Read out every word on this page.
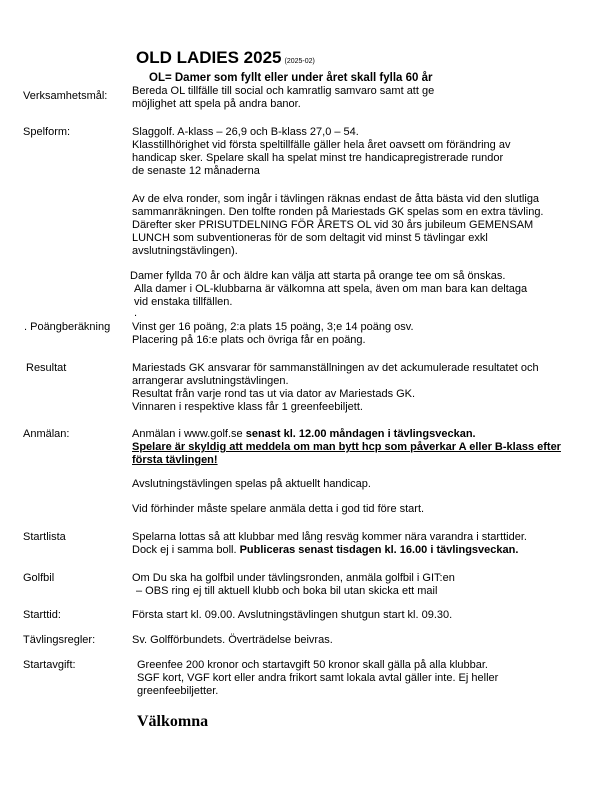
OLD LADIES 2025 (2025-02)
OL= Damer som fyllt eller under året skall fylla 60 år
Verksamhetsmål: Bereda OL tillfälle till social och kamratlig samvaro samt att ge
möjlighet att spela på andra banor.
Spelform:	Slaggolf. A-klass – 26,9 och B-klass 27,0 – 54.
Klasstillhörighet vid första speltillfälle gäller hela året oavsett om förändring av
handicap sker. Spelare skall ha spelat minst tre handicapregistrerade rundor
de senaste 12 månaderna
Av de elva ronder, som ingår i tävlingen räknas endast de åtta bästa vid den slutliga
sammanräkningen. Den tolfte ronden på Mariestads GK spelas som en extra tävling.
Därefter sker PRISUTDELNING FÖR ÅRETS OL vid 30 års jubileum GEMENSAM
LUNCH som subventioneras för de som deltagit vid minst 5 tävlingar exkl
avslutningstävlingen).
Damer fyllda 70 år och äldre kan välja att starta på orange tee om så önskas.
Alla damer i OL-klubbarna är välkomna att spela, även om man bara kan deltaga
vid enstaka tillfällen.
.
. Poängberäkning Vinst ger 16 poäng, 2:a plats 15 poäng, 3;e 14 poäng osv.
Placering på 16:e plats och övriga får en poäng.
Resultat	Mariestads GK ansvarar för sammanställningen av det ackumulerade resultatet och
arrangerar avslutningstävlingen.
Resultat från varje rond tas ut via dator av Mariestads GK.
Vinnaren i respektive klass får 1 greenfeebiljett.
Anmälan:	Anmälan i www.golf.se senast kl. 12.00 måndagen i tävlingsveckan.
Spelare är skyldig att meddela om man bytt hcp som påverkar A eller B-klass efter
första tävlingen!
Avslutningstävlingen spelas på aktuellt handicap.
Vid förhinder måste spelare anmäla detta i god tid före start.
Startlista	Spelarna lottas så att klubbar med lång resväg kommer nära varandra i starttider.
Dock ej i samma boll. Publiceras senast tisdagen kl. 16.00 i tävlingsveckan.
Golfbil	Om Du ska ha golfbil under tävlingsronden, anmäla golfbil i GIT:en
– OBS ring ej till aktuell klubb och boka bil utan skicka ett mail
Starttid:	Första start kl. 09.00. Avslutningstävlingen shutgun start kl. 09.30.
Tävlingsregler:	Sv. Golfförbundets. Överträdelse beivras.
Startavgift:	Greenfee 200 kronor och startavgift 50 kronor skall gälla på alla klubbar.
SGF kort, VGF kort eller andra frikort samt lokala avtal gäller inte. Ej heller
greenfeebiljetter.
Välkomna
